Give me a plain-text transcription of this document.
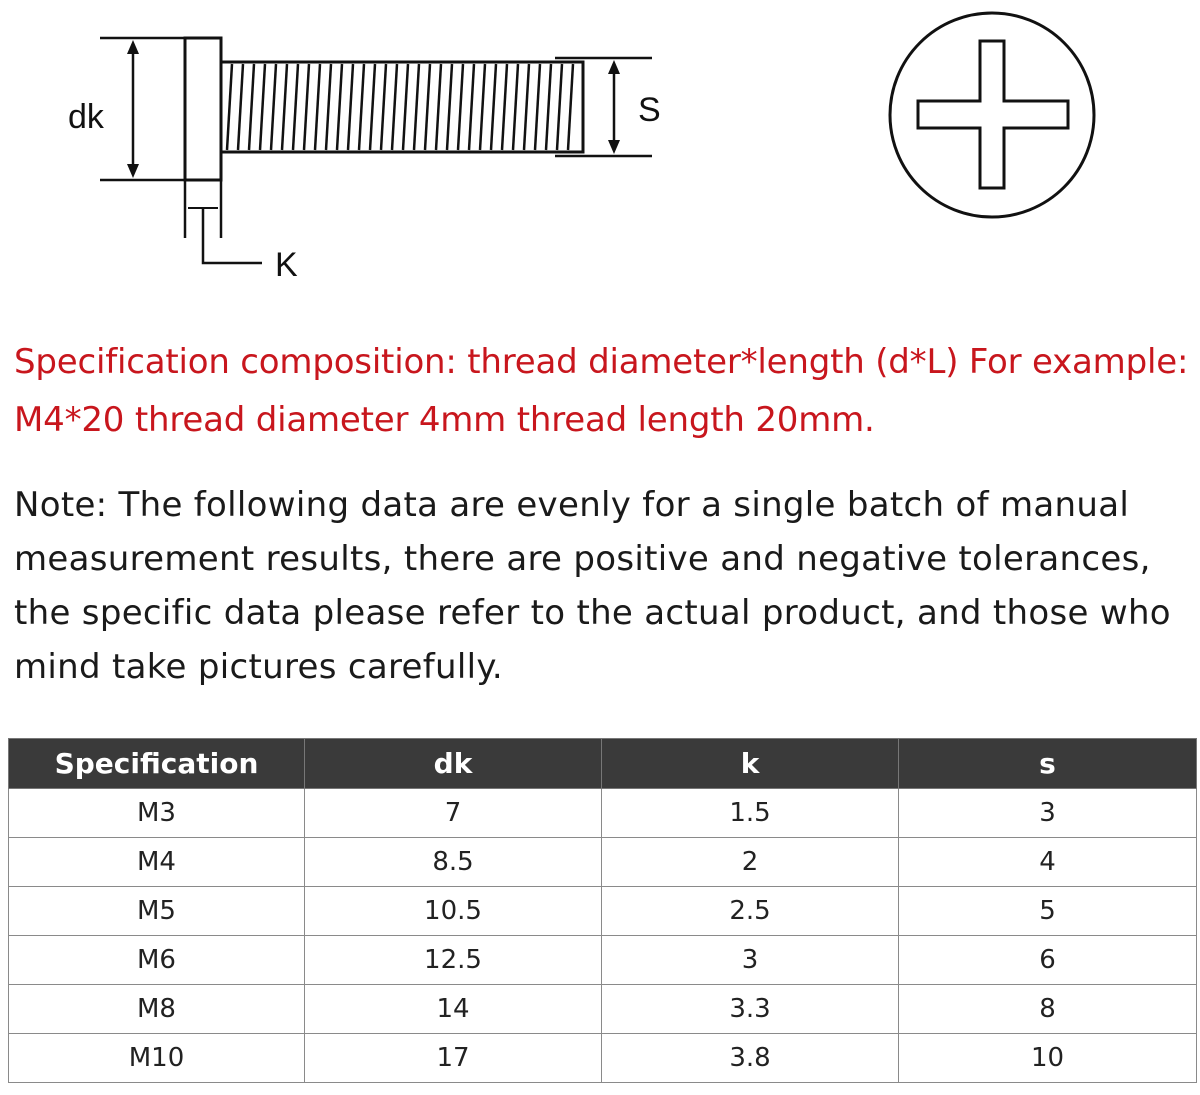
dk	S
K

Specification composition: thread diameter*length (d*L) For example: M4*20 thread diameter 4mm thread length 20mm.

Note: The following data are evenly for a single batch of manual measurement results, there are positive and negative tolerances, the specific data please refer to the actual product, and those who mind take pictures carefully.

Specification	dk	k	s
M3	7	1.5	3
M4	8.5	2	4
M5	10.5	2.5	5
M6	12.5	3	6
M8	14	3.3	8
M10	17	3.8	10
